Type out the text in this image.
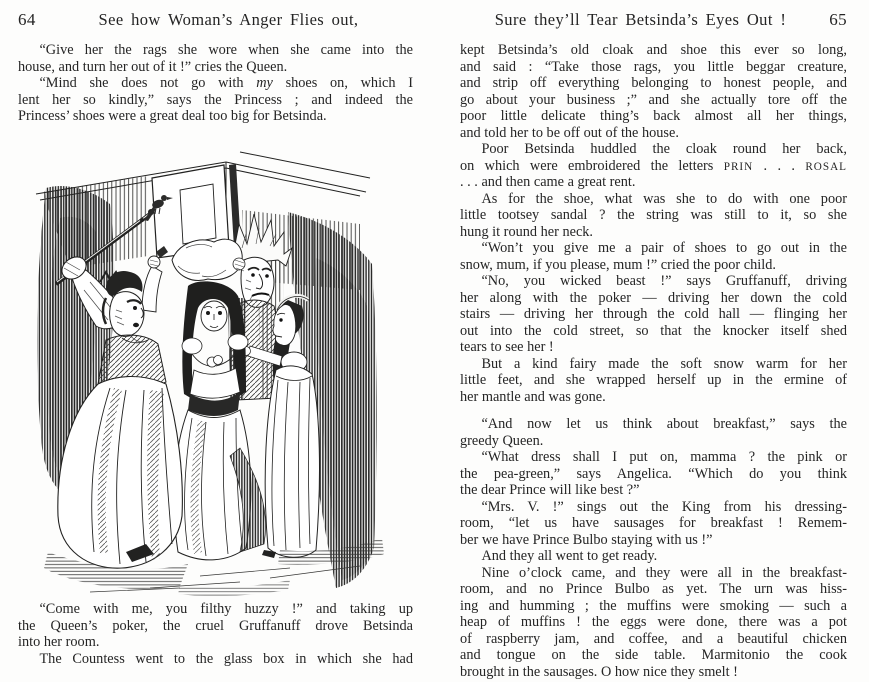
64	See how Woman’s Anger Flies out,
“Give her the rags she wore when she came into the
house, and turn her out of it !” cries the Queen.
“Mind she does not go with my shoes on, which I
lent her so kindly,” says the Princess ; and indeed the
Princess’ shoes were a great deal too big for Betsinda.
“Come with me, you filthy huzzy !” and taking up
the Queen’s poker, the cruel Gruffanuff drove Betsinda
into her room.
The Countess went to the glass box in which she had
Sure they’ll Tear Betsinda’s Eyes Out !	65
kept Betsinda’s old cloak and shoe this ever so long,
and said : “Take those rags, you little beggar creature,
and strip off everything belonging to honest people, and
go about your business ;” and she actually tore off the
poor little delicate thing’s back almost all her things,
and told her to be off out of the house.
Poor Betsinda huddled the cloak round her back,
on which were embroidered the letters PRIN . . . ROSAL
. . . and then came a great rent.
As for the shoe, what was she to do with one poor
little tootsey sandal ? the string was still to it, so she
hung it round her neck.
“Won’t you give me a pair of shoes to go out in the
snow, mum, if you please, mum !” cried the poor child.
“No, you wicked beast !” says Gruffanuff, driving
her along with the poker — driving her down the cold
stairs — driving her through the cold hall — flinging her
out into the cold street, so that the knocker itself shed
tears to see her !
But a kind fairy made the soft snow warm for her
little feet, and she wrapped herself up in the ermine of
her mantle and was gone.
“And now let us think about breakfast,” says the
greedy Queen.
“What dress shall I put on, mamma ? the pink or
the pea-green,” says Angelica. “Which do you think
the dear Prince will like best ?”
“Mrs. V. !” sings out the King from his dressing-
room, “let us have sausages for breakfast ! Remem-
ber we have Prince Bulbo staying with us !”
And they all went to get ready.
Nine o’clock came, and they were all in the breakfast-
room, and no Prince Bulbo as yet. The urn was hiss-
ing and humming ; the muffins were smoking — such a
heap of muffins ! the eggs were done, there was a pot
of raspberry jam, and coffee, and a beautiful chicken
and tongue on the side table. Marmitonio the cook
brought in the sausages. O how nice they smelt !
